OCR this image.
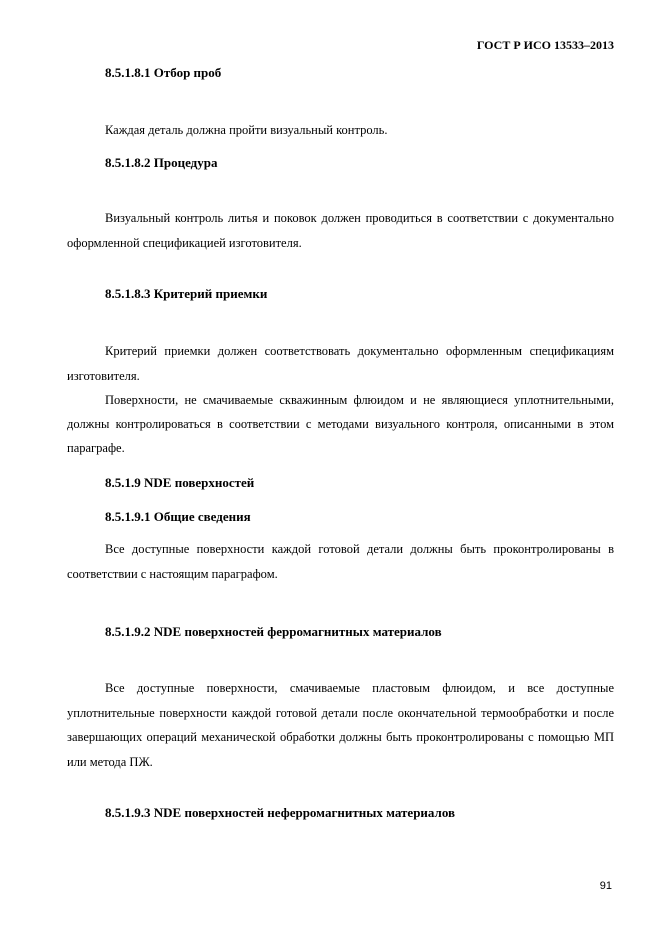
ГОСТ Р ИСО 13533–2013
8.5.1.8.1 Отбор проб
Каждая деталь должна пройти визуальный контроль.
8.5.1.8.2 Процедура
Визуальный контроль литья и поковок должен проводиться в соответствии с документально оформленной спецификацией изготовителя.
8.5.1.8.3 Критерий приемки
Критерий приемки должен соответствовать документально оформленным спецификациям изготовителя.
Поверхности, не смачиваемые скважинным флюидом и не являющиеся уплотнительными, должны контролироваться в соответствии с методами визуального контроля, описанными в этом параграфе.
8.5.1.9 NDE поверхностей
8.5.1.9.1 Общие сведения
Все доступные поверхности каждой готовой детали должны быть проконтролированы в соответствии с настоящим параграфом.
8.5.1.9.2 NDE поверхностей ферромагнитных материалов
Все доступные поверхности, смачиваемые пластовым флюидом, и все доступные уплотнительные поверхности каждой готовой детали после окончательной термообработки и после завершающих операций механической обработки должны быть проконтролированы с помощью МП или метода ПЖ.
8.5.1.9.3 NDE поверхностей неферромагнитных материалов
91
